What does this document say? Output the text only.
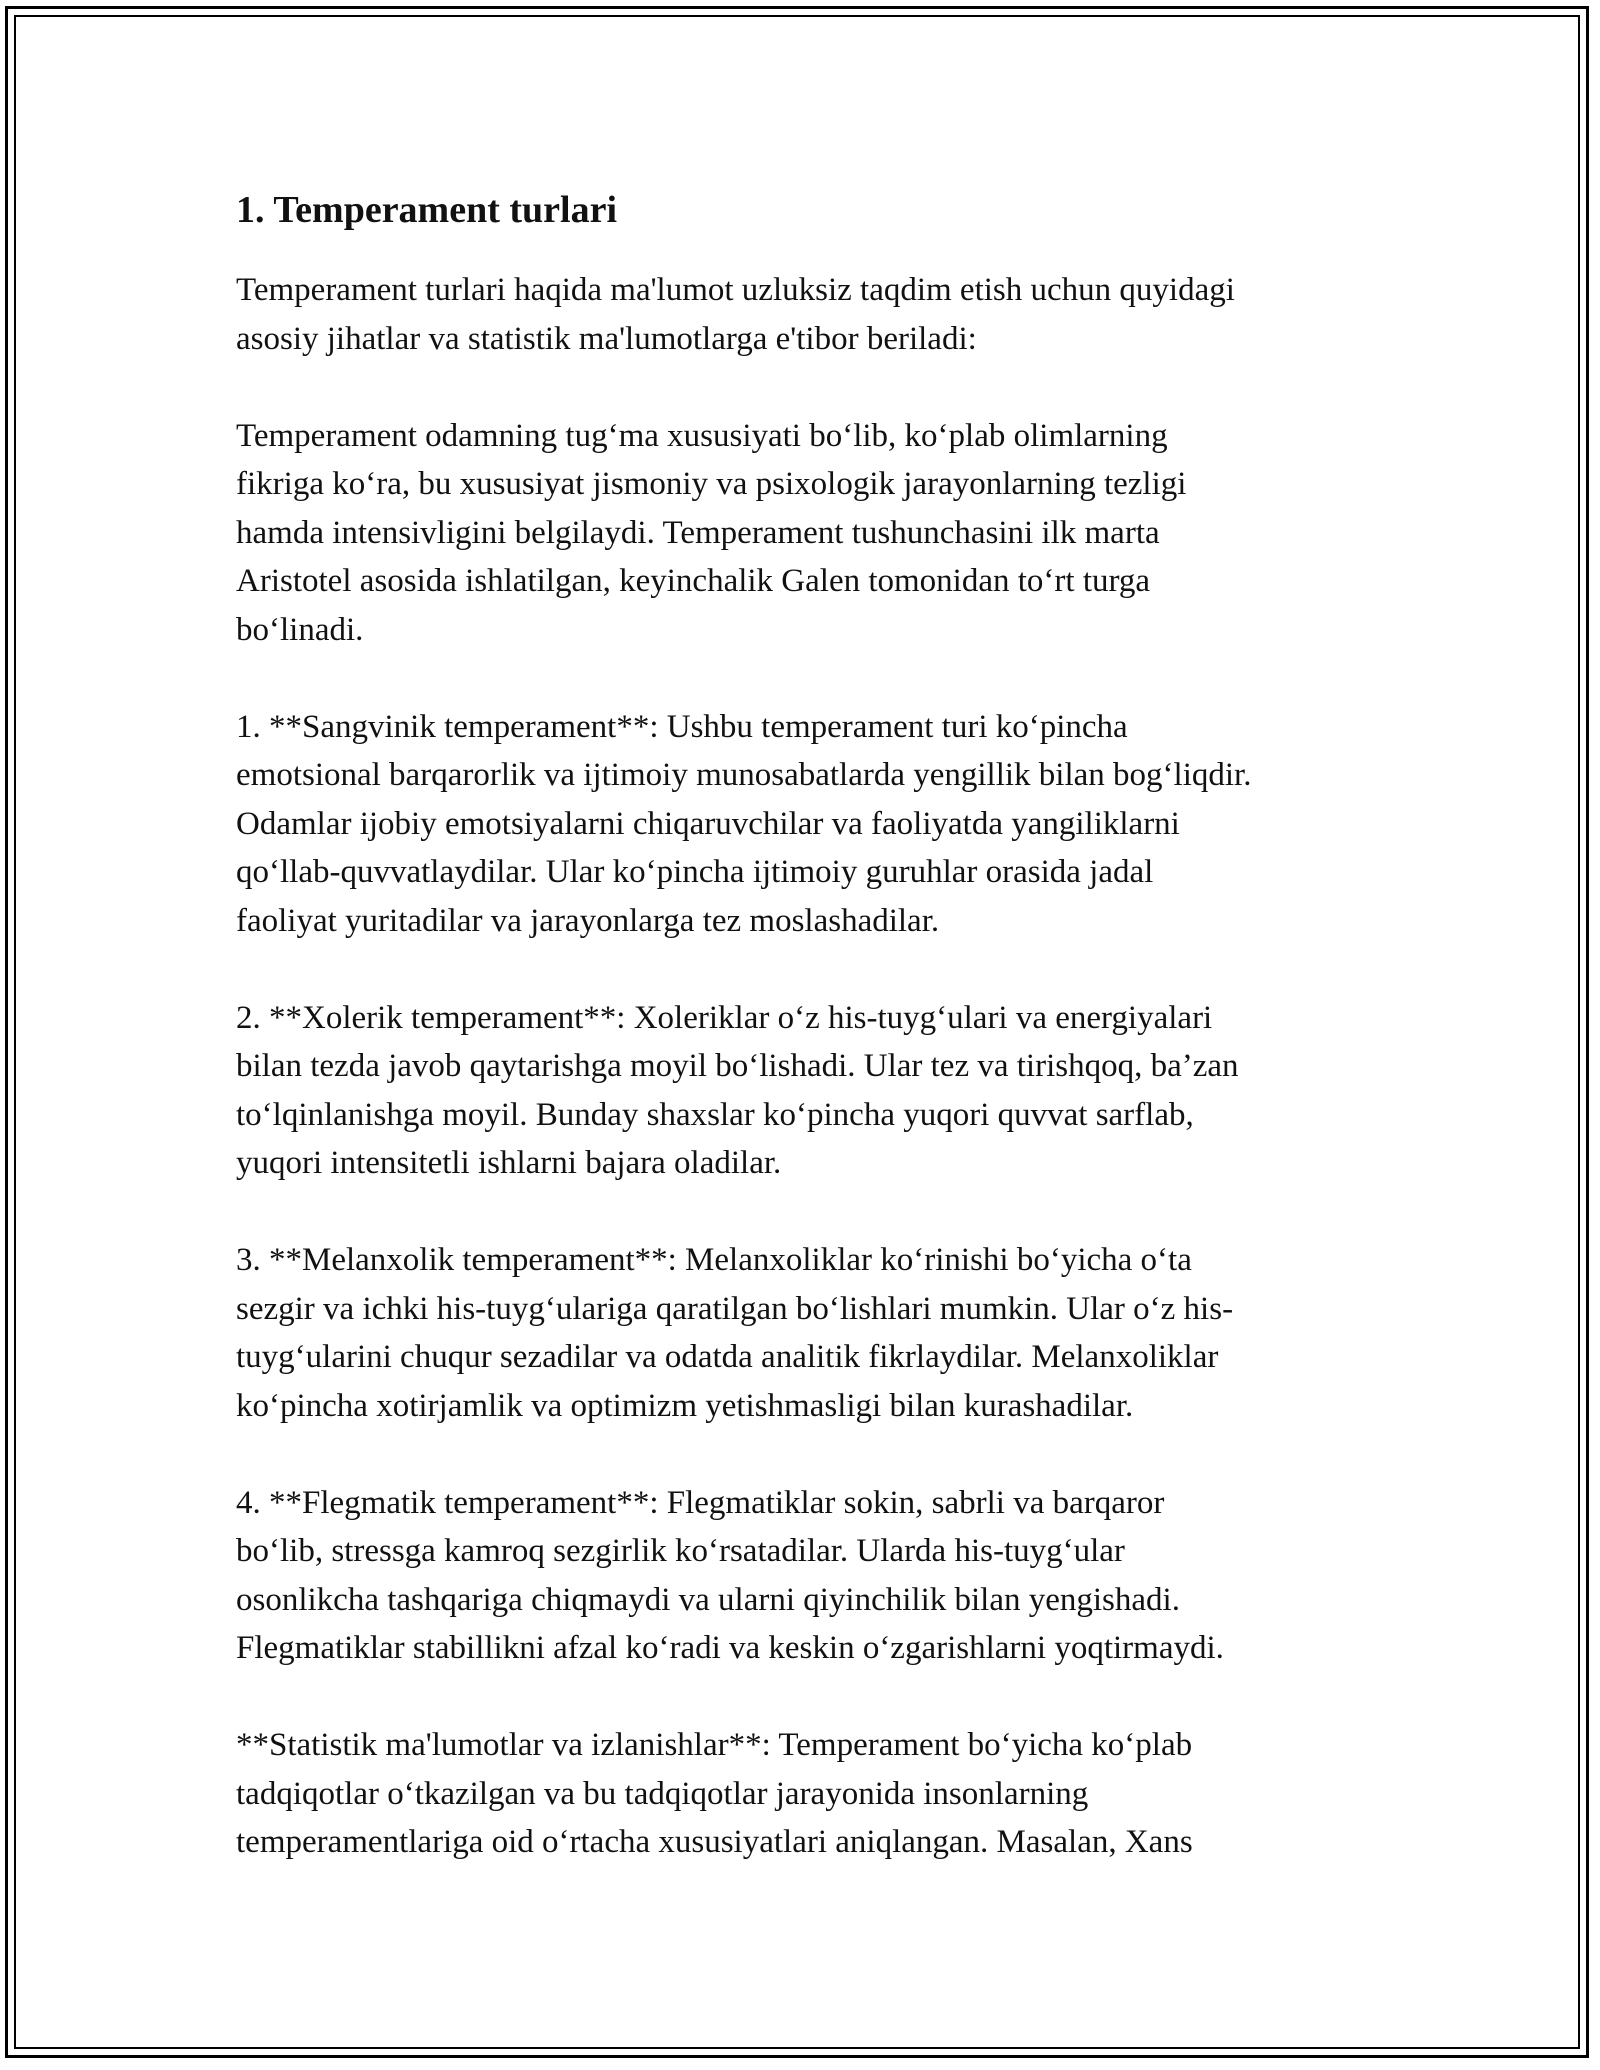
1. Temperament turlari
Temperament turlari haqida ma'lumot uzluksiz taqdim etish uchun quyidagi
asosiy jihatlar va statistik ma'lumotlarga e'tibor beriladi:
Temperament odamning tug‘ma xususiyati bo‘lib, ko‘plab olimlarning
fikriga ko‘ra, bu xususiyat jismoniy va psixologik jarayonlarning tezligi
hamda intensivligini belgilaydi. Temperament tushunchasini ilk marta
Aristotel asosida ishlatilgan, keyinchalik Galen tomonidan to‘rt turga
bo‘linadi.
1. **Sangvinik temperament**: Ushbu temperament turi ko‘pincha
emotsional barqarorlik va ijtimoiy munosabatlarda yengillik bilan bog‘liqdir.
Odamlar ijobiy emotsiyalarni chiqaruvchilar va faoliyatda yangiliklarni
qo‘llab-quvvatlaydilar. Ular ko‘pincha ijtimoiy guruhlar orasida jadal
faoliyat yuritadilar va jarayonlarga tez moslashadilar.
2. **Xolerik temperament**: Xoleriklar o‘z his-tuyg‘ulari va energiyalari
bilan tezda javob qaytarishga moyil bo‘lishadi. Ular tez va tirishqoq, ba’zan
to‘lqinlanishga moyil. Bunday shaxslar ko‘pincha yuqori quvvat sarflab,
yuqori intensitetli ishlarni bajara oladilar.
3. **Melanxolik temperament**: Melanxoliklar ko‘rinishi bo‘yicha o‘ta
sezgir va ichki his-tuyg‘ulariga qaratilgan bo‘lishlari mumkin. Ular o‘z his-
tuyg‘ularini chuqur sezadilar va odatda analitik fikrlaydilar. Melanxoliklar
ko‘pincha xotirjamlik va optimizm yetishmasligi bilan kurashadilar.
4. **Flegmatik temperament**: Flegmatiklar sokin, sabrli va barqaror
bo‘lib, stressga kamroq sezgirlik ko‘rsatadilar. Ularda his-tuyg‘ular
osonlikcha tashqariga chiqmaydi va ularni qiyinchilik bilan yengishadi.
Flegmatiklar stabillikni afzal ko‘radi va keskin o‘zgarishlarni yoqtirmaydi.
**Statistik ma'lumotlar va izlanishlar**: Temperament bo‘yicha ko‘plab
tadqiqotlar o‘tkazilgan va bu tadqiqotlar jarayonida insonlarning
temperamentlariga oid o‘rtacha xususiyatlari aniqlangan. Masalan, Xans
